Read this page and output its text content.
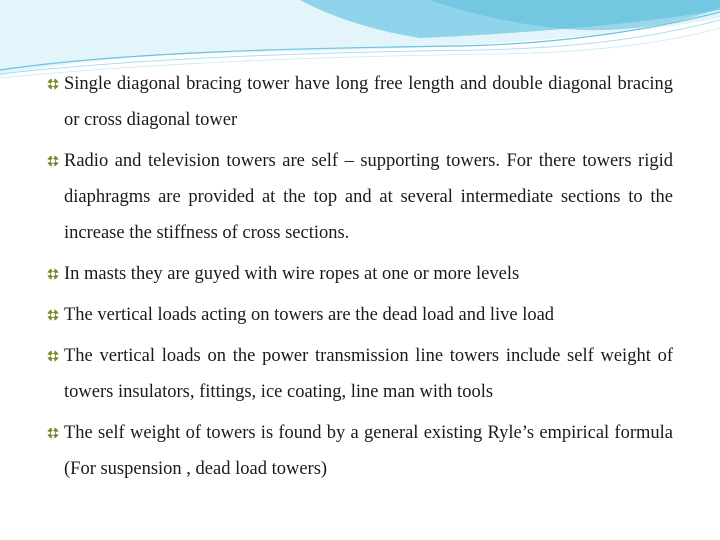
Single diagonal bracing tower have long free length and double diagonal bracing or cross diagonal tower
Radio and television towers are self – supporting towers. For there towers rigid diaphragms are provided at the top and at several intermediate sections to the increase the stiffness of cross sections.
In masts they are guyed with wire ropes at one or more levels
The vertical loads acting on towers are the dead load and live load
The vertical loads on the power transmission line towers include self weight of towers insulators, fittings, ice coating, line man with tools
The self weight of towers is found by a general existing Ryle’s empirical formula (For suspension , dead load towers)
